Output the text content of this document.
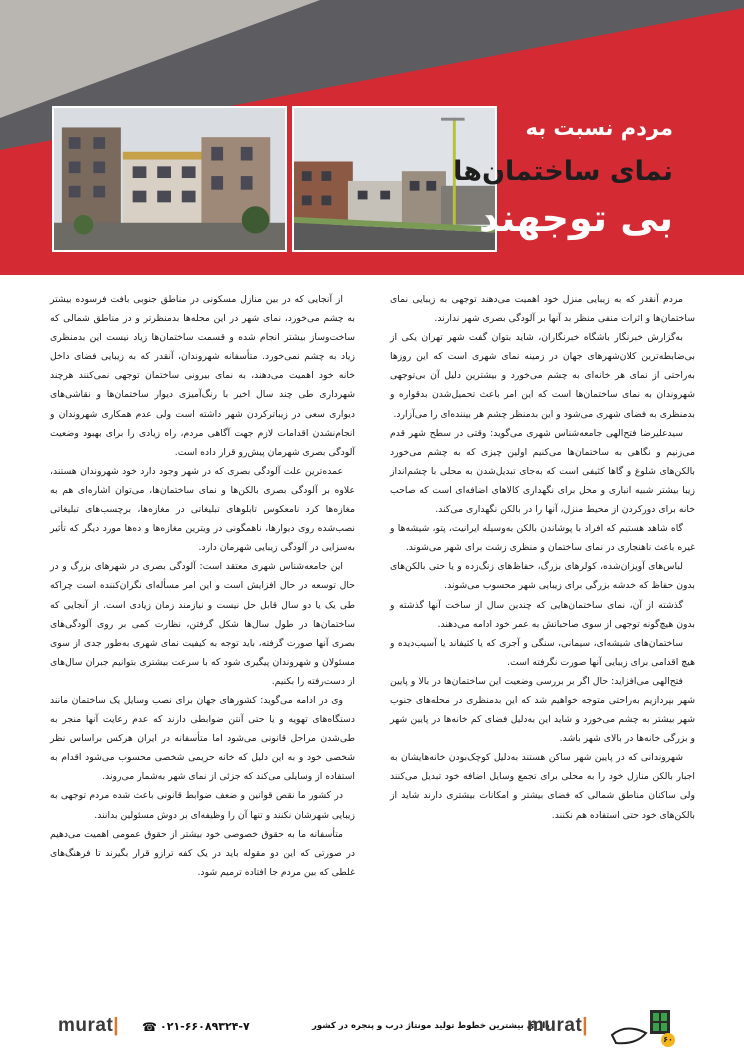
مردم نسبت به
نمای ساختمان‌ها
بی توجهند

مردم آنقدر که به زیبایی منزل خود اهمیت می‌دهند توجهی به زیبایی نمای ساختمان‌ها و اثرات منفی منظر بد آنها بر آلودگی بصری شهر ندارند.

به‌گزارش خبرنگار باشگاه خبرنگاران، شاید بتوان گفت شهر تهران یکی از بی‌ضابطه‌ترین کلان‌شهرهای جهان در زمینه نمای شهری است که این روزها به‌راحتی از نمای هر خانه‌ای به چشم می‌خورد و بیشترین دلیل آن بی‌توجهی شهروندان به نمای ساختمان‌ها است که این امر باعث تحمیل‌شدن بدقواره و بدمنظری به فضای شهری می‌شود و این بدمنظر چشم هر بیننده‌ای را می‌آزارد.

سیدعلیرضا فتح‌الهی جامعه‌شناس شهری می‌گوید: وقتی در سطح شهر قدم می‌زنیم و نگاهی به ساختمان‌ها می‌کنیم اولین چیزی که به چشم می‌خورد بالکن‌های شلوغ و گاها کثیفی است که به‌جای تبدیل‌شدن به محلی با چشم‌انداز زیبا بیشتر شبیه انباری و محل برای نگهداری کالاهای اضافه‌ای است که صاحب خانه برای دورکردن از محیط منزل، آنها را در بالکن نگهداری می‌کند.

گاه شاهد هستیم که افراد با پوشاندن بالکن به‌وسیله ایرانیت، پتو، شیشه‌ها و غیره باعث ناهنجاری در نمای ساختمان و منظری زشت برای شهر می‌شوند.

لباس‌های آویزان‌شده، کولرهای بزرگ، حفاظ‌های زنگ‌زده و یا حتی بالکن‌های بدون حفاظ که خدشه بزرگی برای زیبایی شهر محسوب می‌شوند.

گذشته از آن، نمای ساختمان‌هایی که چندین سال از ساخت آنها گذشته و بدون هیچ‌گونه توجهی از سوی صاحبانش به عمر خود ادامه می‌دهند.

ساختمان‌های شیشه‌ای، سیمانی، سنگی و آجری که یا کثیفاند یا آسیب‌دیده و هیچ اقدامی برای زیبایی آنها صورت نگرفته است.

فتح‌الهی می‌افزاید: حال اگر بر بررسی وضعیت این ساختمان‌ها در بالا و پایین شهر بپردازیم به‌راحتی متوجه خواهیم شد که این بدمنظری در محله‌های جنوب شهر بیشتر به چشم می‌خورد و شاید این به‌دلیل فضای کم خانه‌ها در پایین شهر و بزرگی خانه‌ها در بالای شهر باشد.

شهروندانی که در پایین شهر ساکن هستند به‌دلیل کوچک‌بودن خانه‌هایشان به اجبار بالکن منازل خود را به محلی برای تجمع وسایل اضافه خود تبدیل می‌کنند ولی ساکنان مناطق شمالی که فضای بیشتر و امکانات بیشتری دارند شاید از بالکن‌های خود حتی استفاده هم نکنند.

از آنجایی که در بین منازل مسکونی در مناطق جنوبی بافت فرسوده بیشتر به چشم می‌خورد، نمای شهر در این محله‌ها بدمنظرتر و در مناطق شمالی که ساخت‌وساز بیشتر انجام شده و قسمت ساختمان‌ها زیاد نیست این بدمنظری زیاد به چشم نمی‌خورد. متأسفانه شهروندان، آنقدر که به زیبایی فضای داخل خانه خود اهمیت می‌دهند، به نمای بیرونی ساختمان توجهی نمی‌کنند هرچند شهرداری طی چند سال اخیر با رنگ‌آمیزی دیوار ساختمان‌ها و نقاشی‌های دیواری سعی در زیباترکردن شهر داشته است ولی عدم همکاری شهروندان و انجام‌نشدن اقدامات لازم جهت آگاهی مردم، راه زیادی را برای بهبود وضعیت آلودگی بصری شهرمان پیش‌رو قرار داده است.

عمده‌ترین علت آلودگی بصری که در شهر وجود دارد خود شهروندان هستند، علاوه بر آلودگی بصری بالکن‌ها و نمای ساختمان‌ها، می‌توان اشاره‌ای هم به مغازه‌ها کرد نامعکوس تابلوهای تبلیغاتی در مغازه‌ها، برچسب‌های تبلیغاتی نصب‌شده روی دیوارها، ناهمگونی در ویترین مغازه‌ها و ده‌ها مورد دیگر که تأثیر به‌سزایی در آلودگی زیبایی شهرمان دارد.

این جامعه‌شناس شهری معتقد است: آلودگی بصری در شهرهای بزرگ و در حال توسعه در حال افزایش است و این امر مسأله‌ای نگران‌کننده است چراکه طی یک یا دو سال قابل حل نیست و نیازمند زمان زیادی است. از آنجایی که ساختمان‌ها در طول سال‌ها شکل گرفتن، نظارت کمی بر روی آلودگی‌های بصری آنها صورت گرفته، باید توجه به کیفیت نمای شهری به‌طور جدی از سوی مسئولان و شهروندان پیگیری شود که با سرعت بیشتری بتوانیم جبران سال‌های از دست‌رفته را بکنیم.

وی در ادامه می‌گوید: کشورهای جهان برای نصب وسایل یک ساختمان مانند دستگاه‌های تهویه و یا حتی آنتن ضوابطی دارند که عدم رعایت آنها منجر به طی‌شدن مراحل قانونی می‌شود اما متأسفانه در ایران هر‌کس براساس نظر شخصی خود و به این دلیل که خانه حریمی شخصی محسوب می‌شود اقدام به استفاده از وسایلی می‌کند که جزئی از نمای شهر به‌شمار می‌روند.

در کشور ما نقص قوانین و ضعف ضوابط قانونی باعث شده مردم توجهی به زیبایی شهرشان نکنند و تنها آن را وظیفه‌ای بر دوش مسئولین بدانند.

متأسفانه ما به حقوق خصوصی خود بیشتر از حقوق عمومی اهمیت می‌دهیم در صورتی که این دو مقوله باید در یک کفه ترازو قرار بگیرند تا فرهنگ‌های غلطی که بین مردم جا افتاده ترمیم شود.

murat| ☎ ۰۲۱-۶۶۰۸۹۳۲۴-۷	دارای بیشترین خطوط تولید مونتاژ درب و پنجره در کشور
murat|
۶۰
